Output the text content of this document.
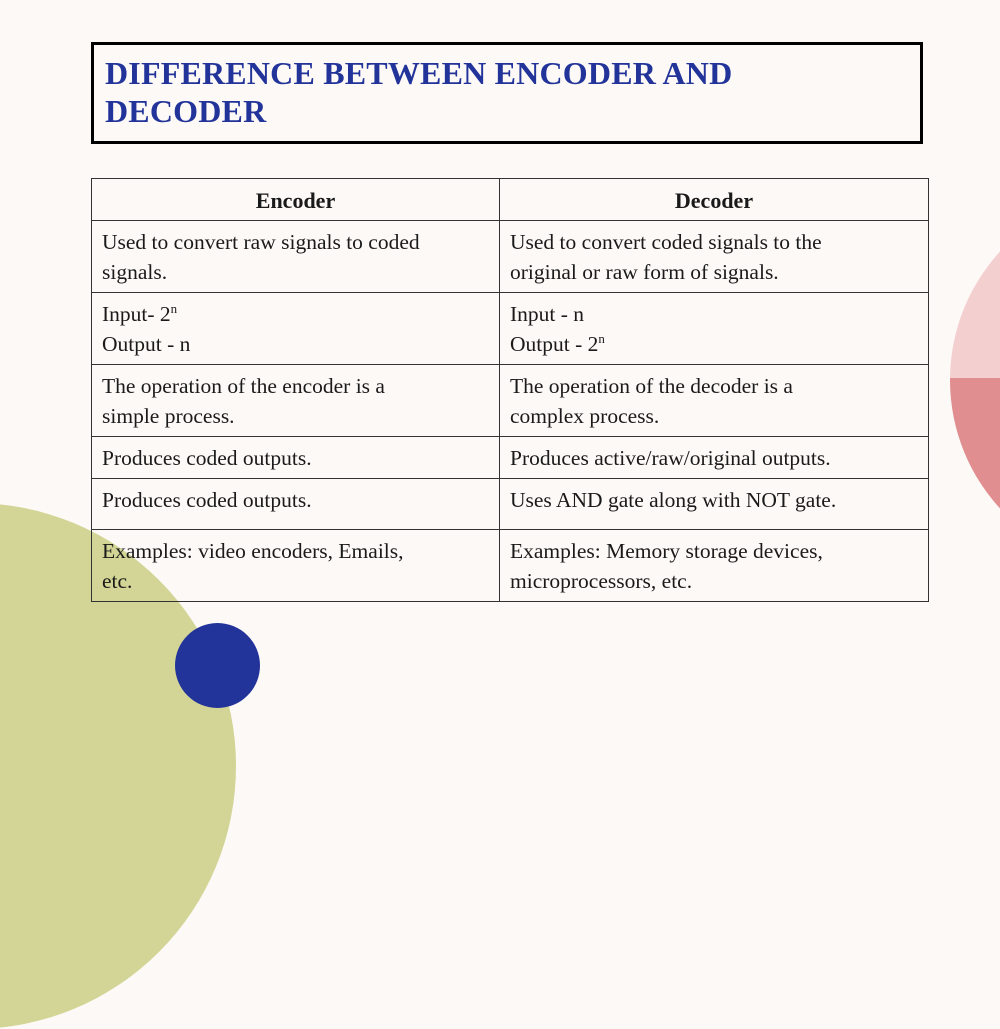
DIFFERENCE BETWEEN ENCODER AND
DECODER
Encoder	Decoder

Used to convert raw signals to coded
signals.	Used to convert coded signals to the
original or raw form of signals.

Input- 2$^n$
Output - n	Input - n
Output - 2$^n$

The operation of the encoder is a
simple process.	The operation of the decoder is a
complex process.

Produces coded outputs.	Produces active/raw/original outputs.

Produces coded outputs.	Uses AND gate along with NOT gate.

Examples: video encoders, Emails,
etc.	Examples: Memory storage devices,
microprocessors, etc.
